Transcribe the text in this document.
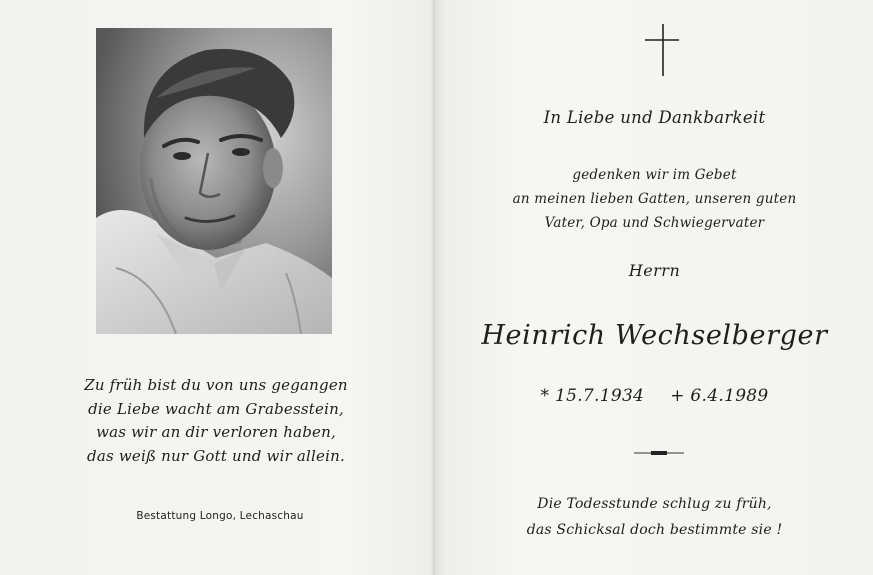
Zu früh bist du von uns gegangen
die Liebe wacht am Grabesstein,
was wir an dir verloren haben,
das weiß nur Gott und wir allein.
Bestattung Longo, Lechaschau
In Liebe und Dankbarkeit
gedenken wir im Gebet
an meinen lieben Gatten, unseren guten
Vater, Opa und Schwiegervater
Herrn
Heinrich Wechselberger
* 15.7.1934 + 6.4.1989
Die Todesstunde schlug zu früh,
das Schicksal doch bestimmte sie !
